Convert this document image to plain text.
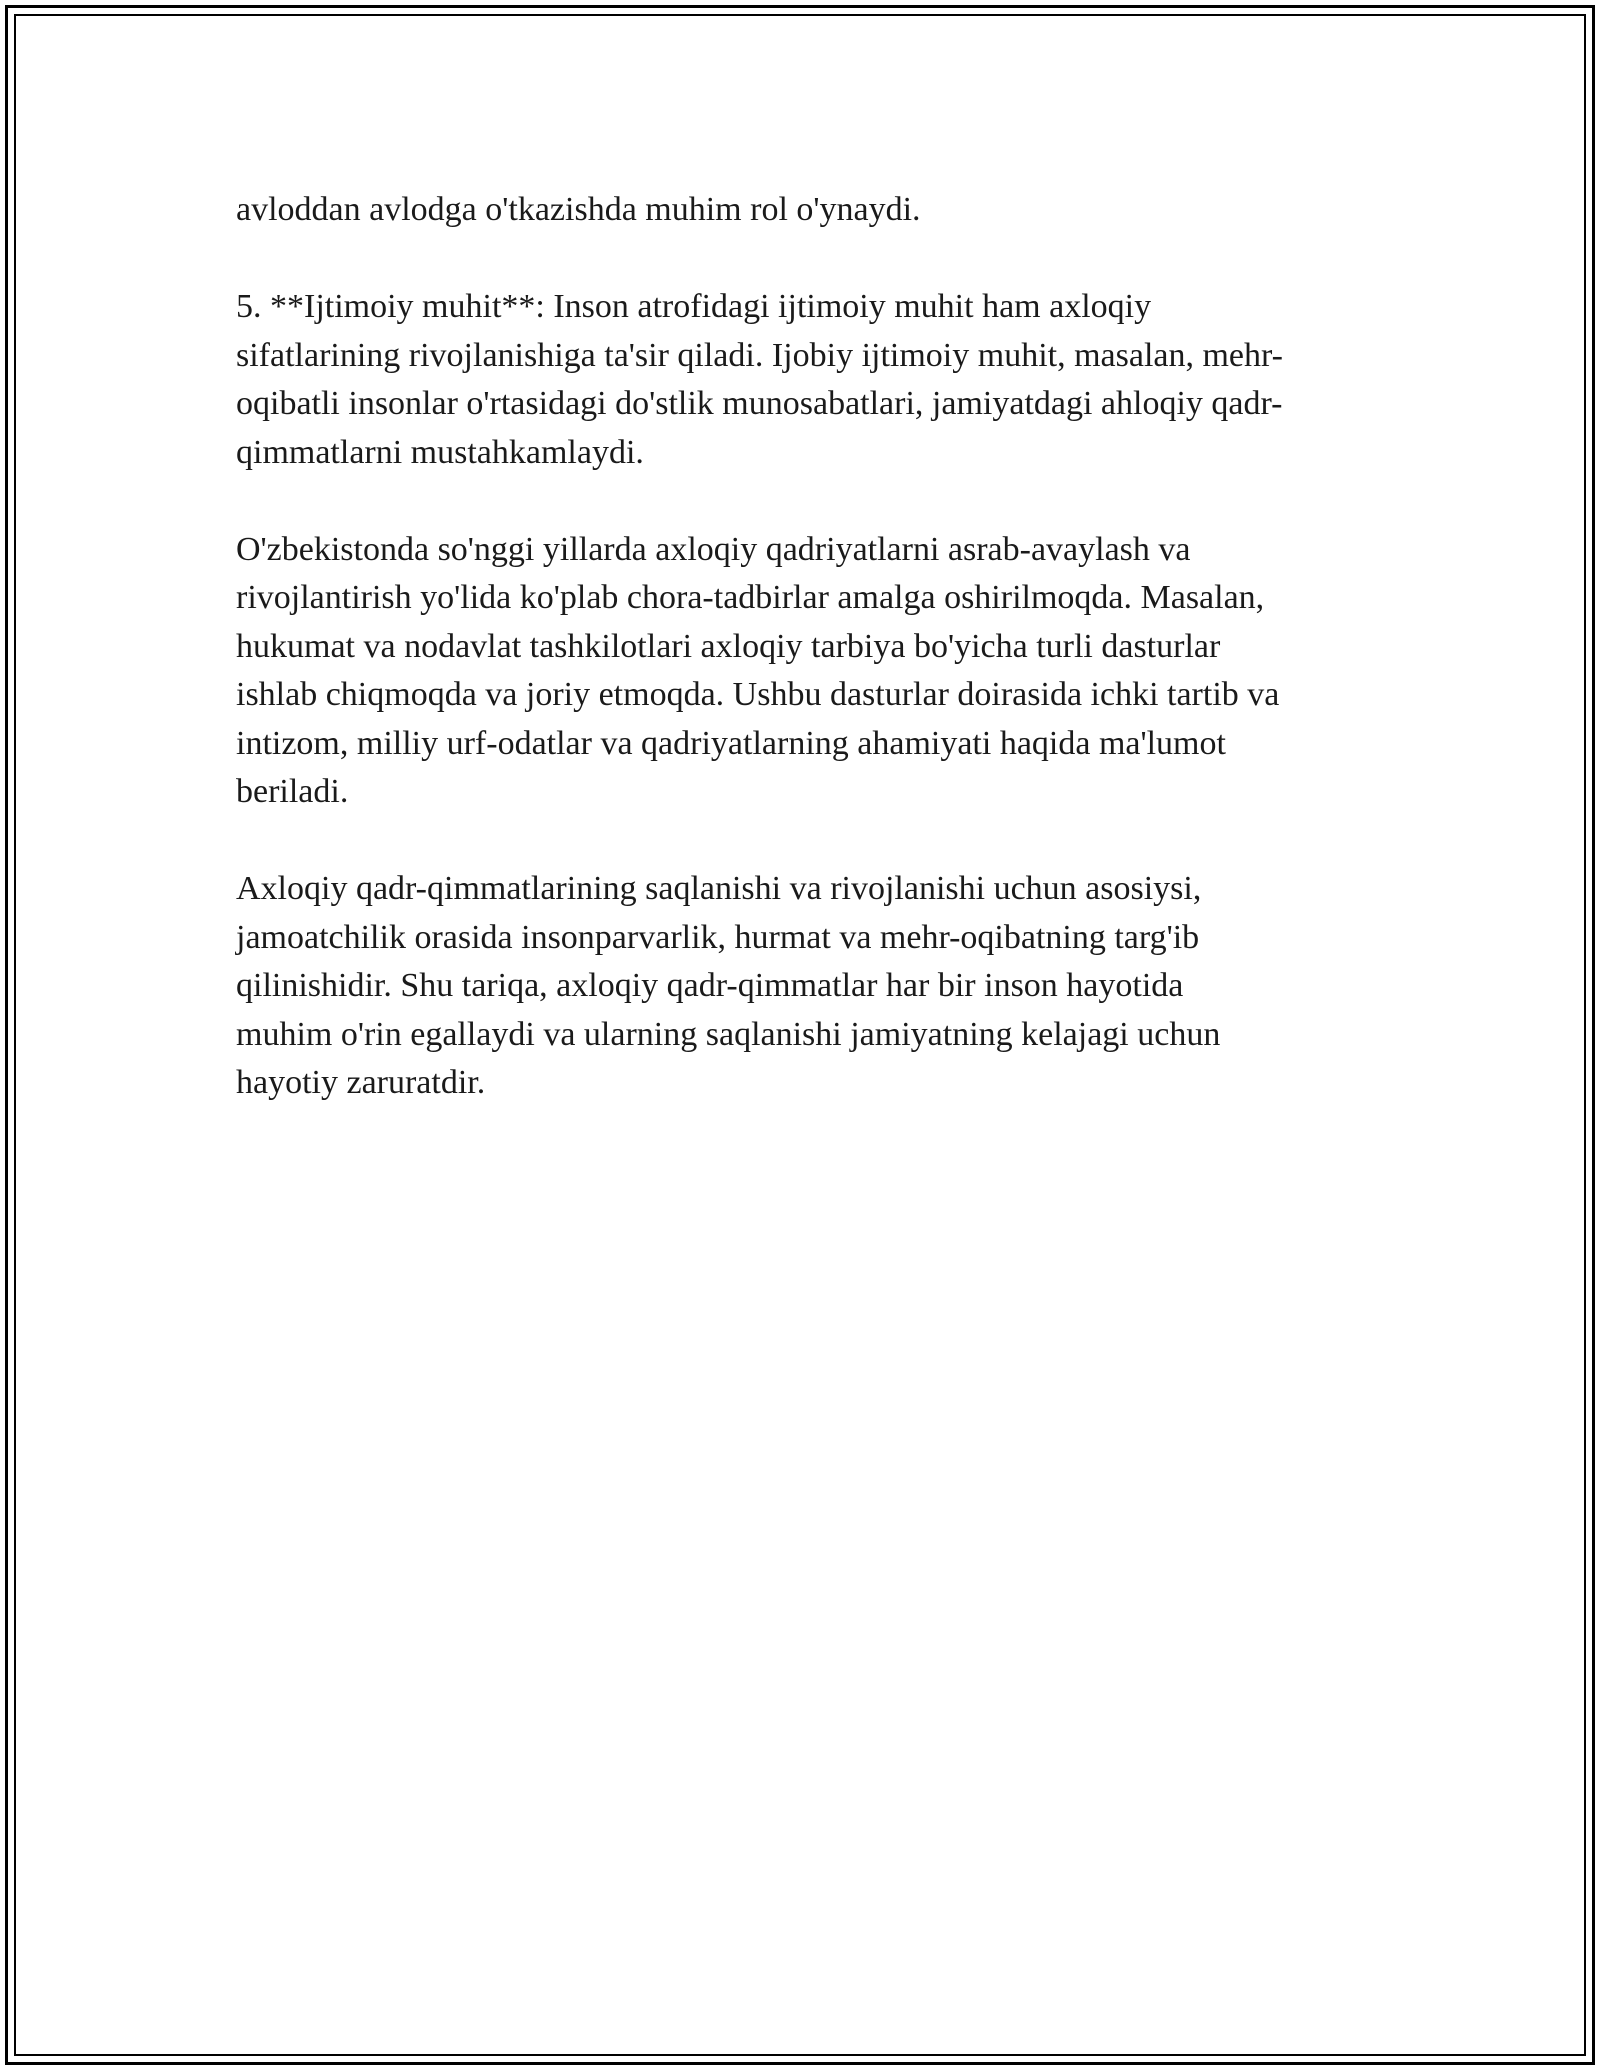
avloddan avlodga o'tkazishda muhim rol o'ynaydi.

5. **Ijtimoiy muhit**: Inson atrofidagi ijtimoiy muhit ham axloqiy
sifatlarining rivojlanishiga ta'sir qiladi. Ijobiy ijtimoiy muhit, masalan, mehr-
oqibatli insonlar o'rtasidagi do'stlik munosabatlari, jamiyatdagi ahloqiy qadr-
qimmatlarni mustahkamlaydi.

O'zbekistonda so'nggi yillarda axloqiy qadriyatlarni asrab-avaylash va
rivojlantirish yo'lida ko'plab chora-tadbirlar amalga oshirilmoqda. Masalan,
hukumat va nodavlat tashkilotlari axloqiy tarbiya bo'yicha turli dasturlar
ishlab chiqmoqda va joriy etmoqda. Ushbu dasturlar doirasida ichki tartib va
intizom, milliy urf-odatlar va qadriyatlarning ahamiyati haqida ma'lumot
beriladi.

Axloqiy qadr-qimmatlarining saqlanishi va rivojlanishi uchun asosiysi,
jamoatchilik orasida insonparvarlik, hurmat va mehr-oqibatning targ'ib
qilinishidir. Shu tariqa, axloqiy qadr-qimmatlar har bir inson hayotida
muhim o'rin egallaydi va ularning saqlanishi jamiyatning kelajagi uchun
hayotiy zaruratdir.
